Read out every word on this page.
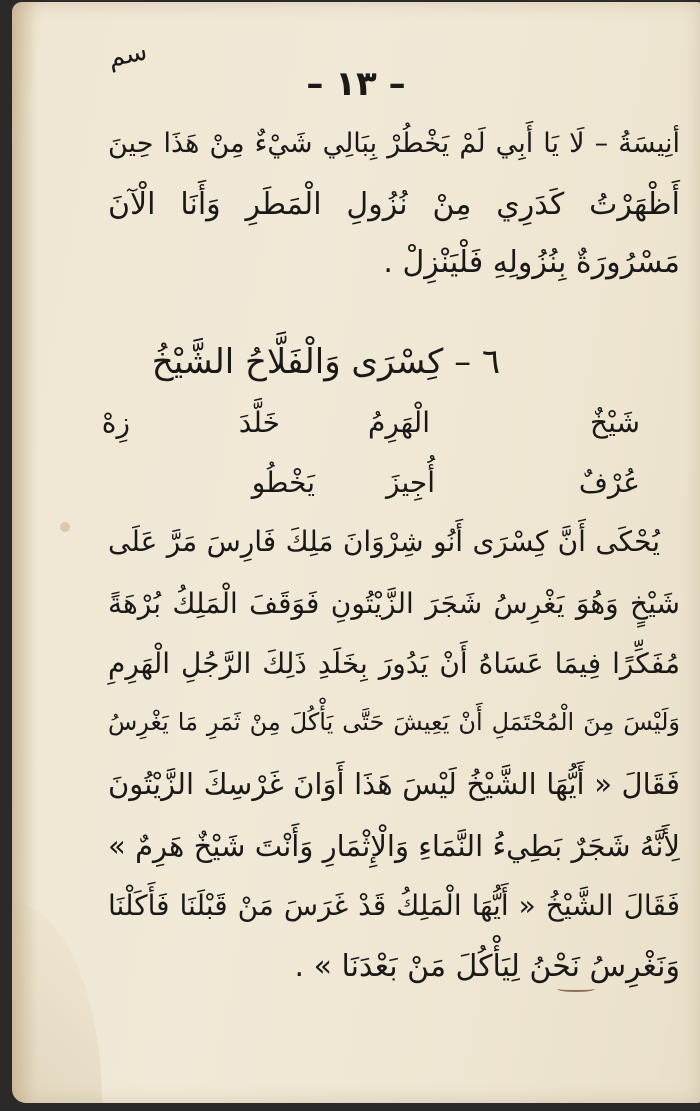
سم
– ١٣ –
أنِيسَةُ – لَا يَا أَبِي لَمْ يَخْطُرْ بِبَالِي شَيْءٌ مِنْ هَذَا حِينَ
أَظْهَرْتُ كَدَرِي مِنْ نُزُولِ الْمَطَرِ وَأَنَا الْآنَ
مَسْرُورَةٌ بِنُزُولِهِ فَلْيَنْزِلْ .
٦ – كِسْرَى وَالْفَلَّاحُ الشَّيْخُ
شَيْخٌ
الْهَرِمُ
خَلَّدَ
زِهْ
عُرْفٌ
أُجِيزَ
يَخْطُو
يُحْكَى أَنَّ كِسْرَى أَنُو شِرْوَانَ مَلِكَ فَارِسَ مَرَّ عَلَى
شَيْخٍ وَهُوَ يَغْرِسُ شَجَرَ الزَّيْتُونِ فَوَقَفَ الْمَلِكُ بُرْهَةً
مُفَكِّرًا فِيمَا عَسَاهُ أَنْ يَدُورَ بِخَلَدِ ذَلِكَ الرَّجُلِ الْهَرِمِ
وَلَيْسَ مِنَ الْمُحْتَمَلِ أَنْ يَعِيشَ حَتَّى يَأْكُلَ مِنْ ثَمَرِ مَا يَغْرِسُ
فَقَالَ « أَيُّهَا الشَّيْخُ لَيْسَ هَذَا أَوَانَ غَرْسِكَ الزَّيْتُونَ
لِأَنَّهُ شَجَرٌ بَطِيءُ النَّمَاءِ وَالْإِثْمَارِ وَأَنْتَ شَيْخٌ هَرِمٌ »
فَقَالَ الشَّيْخُ « أَيُّهَا الْمَلِكُ قَدْ غَرَسَ مَنْ قَبْلَنَا فَأَكَلْنَا
وَنَغْرِسُ نَحْنُ لِيَأْكُلَ مَنْ بَعْدَنَا » .
